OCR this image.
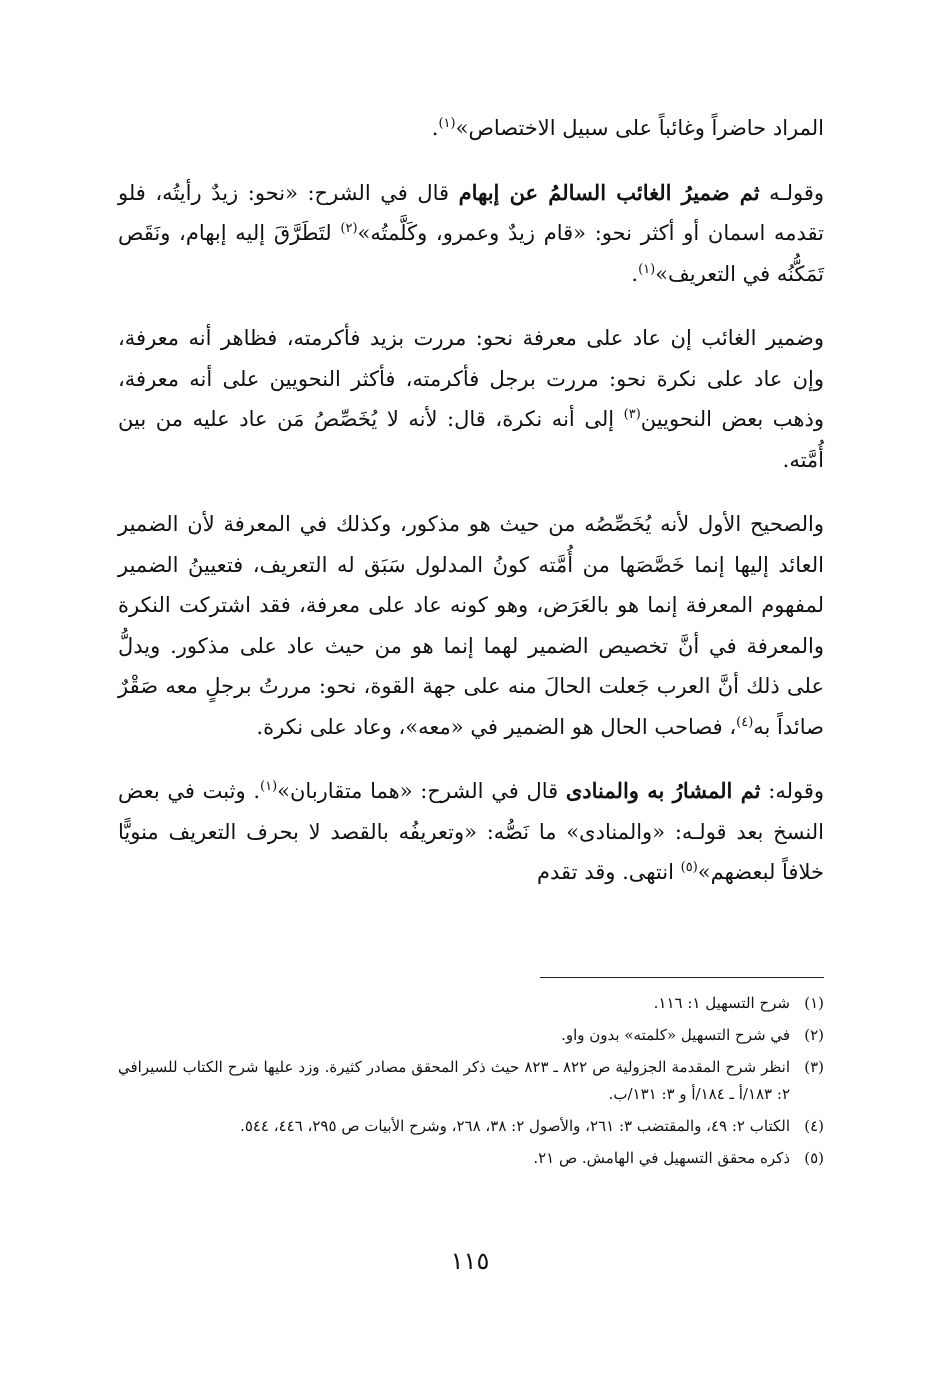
المراد حاضراً وغائباً على سبيل الاختصاص»$^{(١)}$.

وقولـه ثم ضميرُ الغائب السالمُ عن إبهام قال في الشرح: «نحو: زيدٌ رأيتُه، فلو تقدمه اسمان أو أكثر نحو: «قام زيدٌ وعمرو، وكَلَّمتُه»$^{(٢)}$ لتَطَرَّقَ إليه إبهام، ونَقَص تَمَكُّنُه في التعريف»$^{(١)}$.

وضمير الغائب إن عاد على معرفة نحو: مررت بزيد فأكرمته، فظاهر أنه معرفة، وإن عاد على نكرة نحو: مررت برجل فأكرمته، فأكثر النحويين على أنه معرفة، وذهب بعض النحويين$^{(٣)}$ إلى أنه نكرة، قال: لأنه لا يُخَصِّصُ مَن عاد عليه من بين أُمَّته.

والصحيح الأول لأنه يُخَصِّصُه من حيث هو مذكور، وكذلك في المعرفة لأن الضمير العائد إليها إنما خَصَّصَها من أُمَّته كونُ المدلول سَبَق له التعريف، فتعيينُ الضمير لمفهوم المعرفة إنما هو بالعَرَض، وهو كونه عاد على معرفة، فقد اشتركت النكرة والمعرفة في أنَّ تخصيص الضمير لهما إنما هو من حيث عاد على مذكور. ويدلُّ على ذلك أنَّ العرب جَعلت الحالَ منه على جهة القوة، نحو: مررتُ برجلٍ معه صَقْرٌ صائداً به$^{(٤)}$، فصاحب الحال هو الضمير في «معه»، وعاد على نكرة.

وقوله: ثم المشارُ به والمنادى قال في الشرح: «هما متقاربان»$^{(١)}$. وثبت في بعض النسخ بعد قولـه: «والمنادى» ما نَصُّه: «وتعريفُه بالقصد لا بحرف التعريف منويًّا خلافاً لبعضهم»$^{(٥)}$ انتهى. وقد تقدم

(١)
شرح التسهيل ١: ١١٦.

(٢)
في شرح التسهيل «كلمته» بدون واو.

(٣)
انظر شرح المقدمة الجزولية ص ٨٢٢ ـ ٨٢٣ حيث ذكر المحقق مصادر كثيرة. وزد عليها شرح الكتاب للسيرافي ٢: ١٨٣/أ ـ ١٨٤/أ و ٣: ١٣١/ب.

(٤)
الكتاب ٢: ٤٩، والمقتضب ٣: ٢٦١، والأصول ٢: ٣٨، ٢٦٨، وشرح الأبيات ص ٢٩٥، ٤٤٦، ٥٤٤.

(٥)
ذكره محقق التسهيل في الهامش. ص ٢١.

١١٥
